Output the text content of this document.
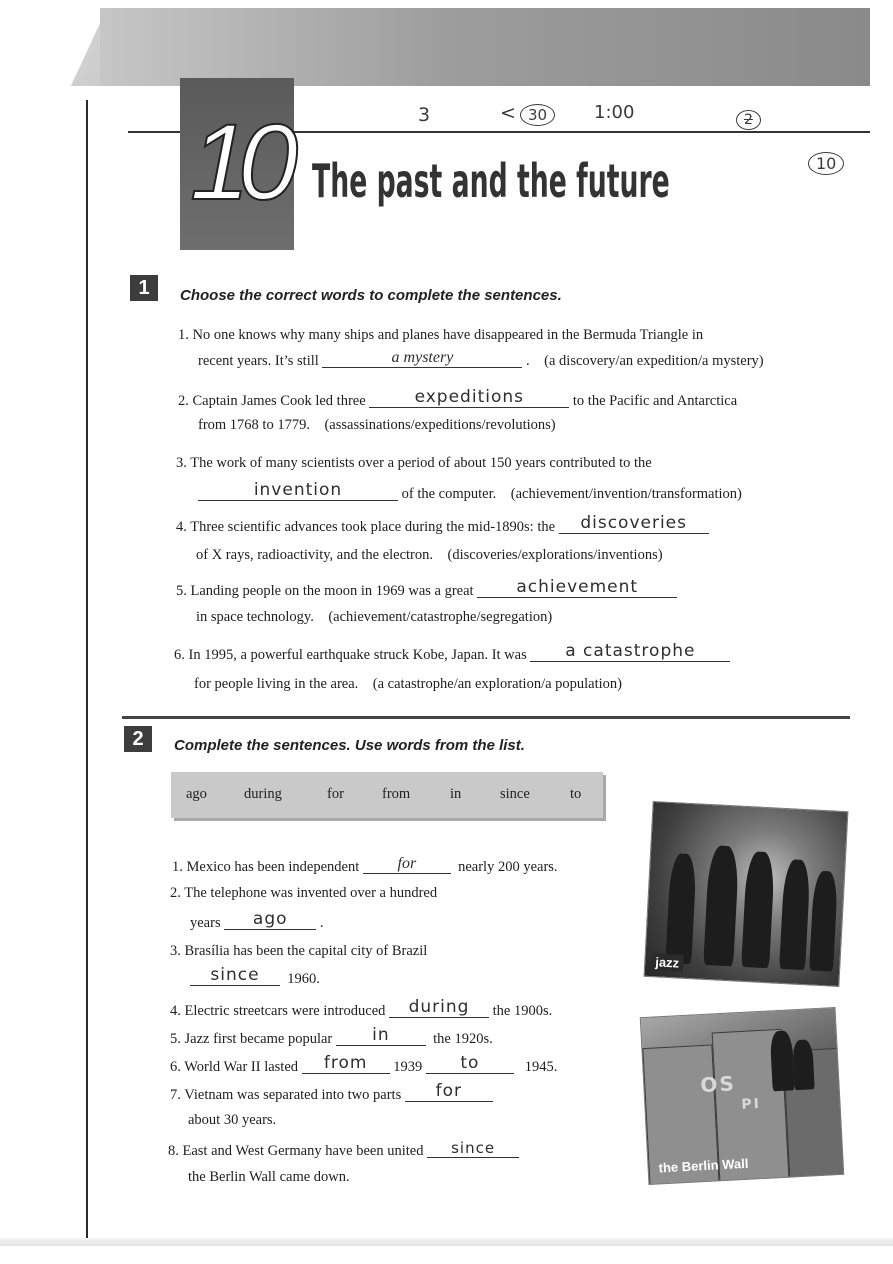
10 The past and the future
3	< 30	1:00	2
10
1	Choose the correct words to complete the sentences.
1. No one knows why many ships and planes have disappeared in the Bermuda Triangle in
recent years. It’s still	a mystery	. (a discovery/an expedition/a mystery)
2. Captain James Cook led three	expeditions	to the Pacific and Antarctica
from 1768 to 1779. (assassinations/expeditions/revolutions)
3. The work of many scientists over a period of about 150 years contributed to the
invention	of the computer. (achievement/invention/transformation)
4. Three scientific advances took place during the mid-1890s: the	discoveries
of X rays, radioactivity, and the electron. (discoveries/explorations/inventions)
5. Landing people on the moon in 1969 was a great	achievement
in space technology. (achievement/catastrophe/segregation)
6. In 1995, a powerful earthquake struck Kobe, Japan. It was	a catastrophe
for people living in the area. (a catastrophe/an exploration/a population)
2	Complete the sentences. Use words from the list.
ago	during	for	from	in	since	to
1. Mexico has been independent	for	nearly 200 years.
2. The telephone was invented over a hundred
years	ago	.
3. Brasília has been the capital city of Brazil
since	1960.
4. Electric streetcars were introduced	during	the 1900s.
5. Jazz first became popular	in	the 1920s.
6. World War II lasted	from	1939	to	1945.
7. Vietnam was separated into two parts	for
about 30 years.
8. East and West Germany have been united	since
the Berlin Wall came down.
jazz
OS
PI
the Berlin Wall
